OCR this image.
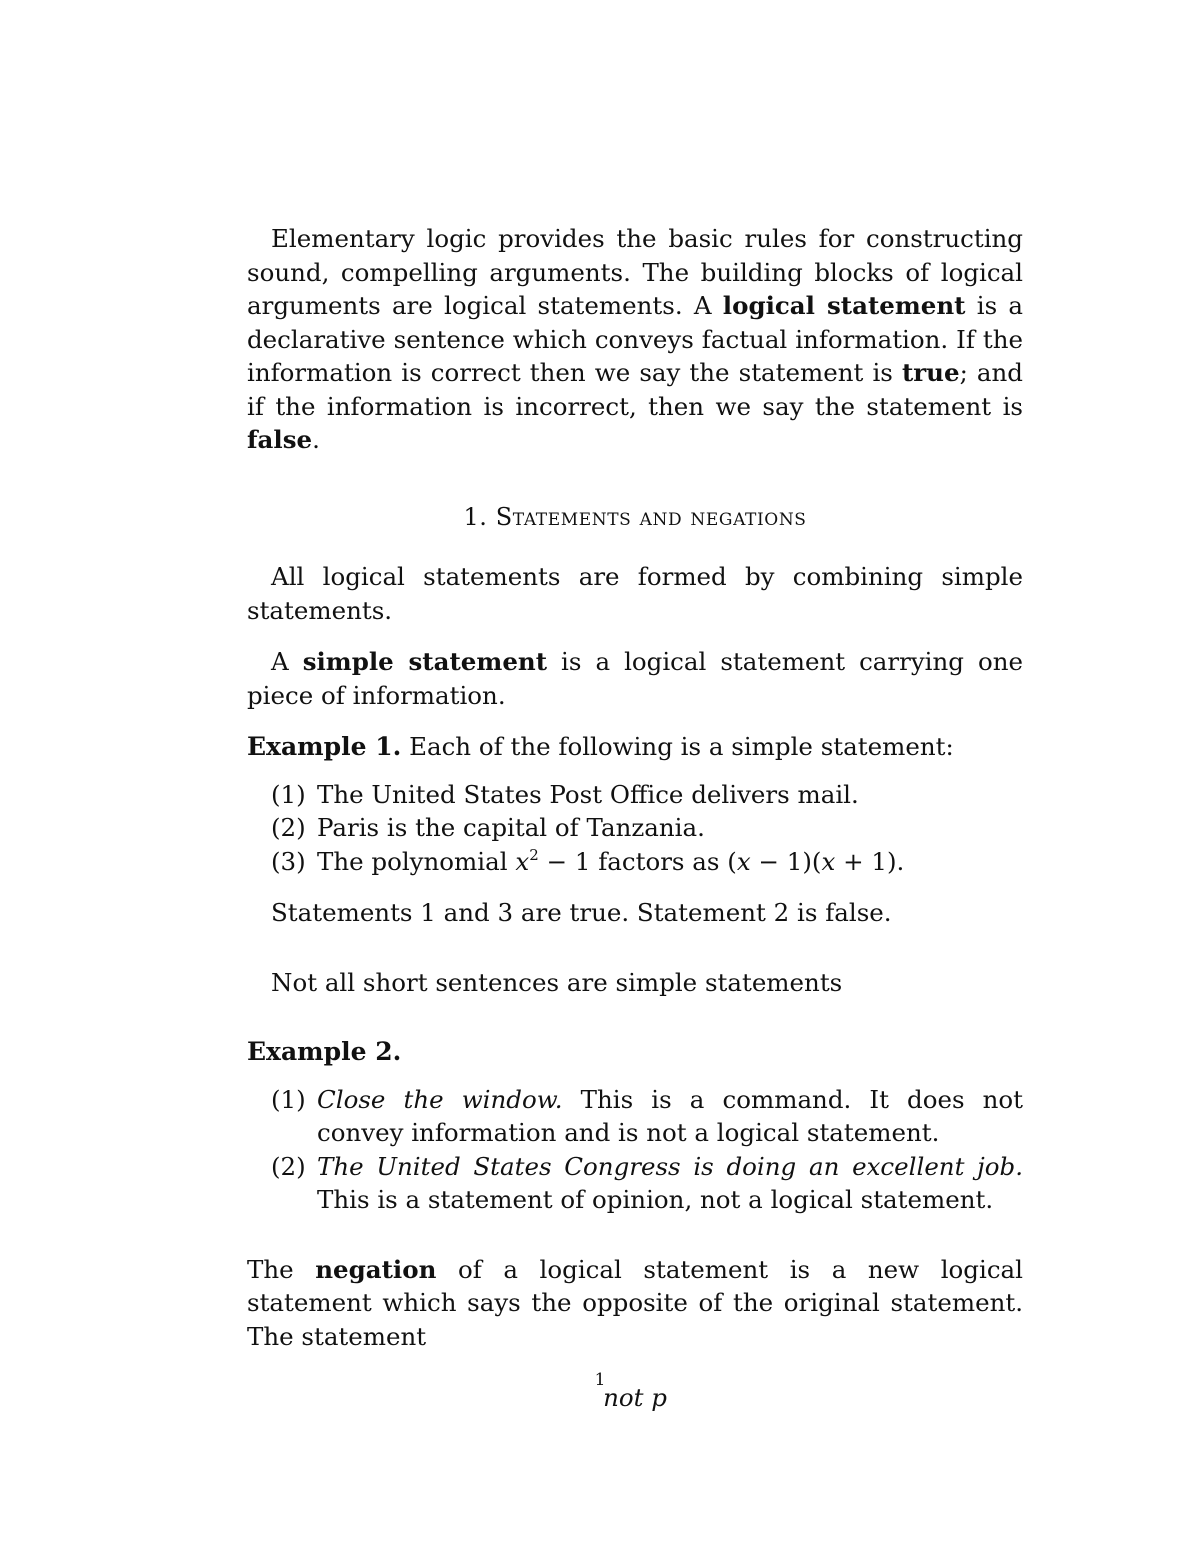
Elementary logic provides the basic rules for constructing sound, compelling arguments. The building blocks of logical arguments are logical statements. A logical statement is a declarative sentence which conveys factual information. If the information is correct then we say the statement is true; and if the information is incorrect, then we say the statement is false.

1. Statements and negations

All logical statements are formed by combining simple statements.

A simple statement is a logical statement carrying one piece of information.

Example 1. Each of the following is a simple statement:

(1) The United States Post Office delivers mail.

(2) Paris is the capital of Tanzania.

(3) The polynomial $x^2 - 1$ factors as (x − 1)(x + 1).

Statements 1 and 3 are true. Statement 2 is false.

Not all short sentences are simple statements

Example 2.

(1) Close the window. This is a command. It does not convey information and is not a logical statement.

(2) The United States Congress is doing an excellent job. This is a statement of opinion, not a logical statement.

The negation of a logical statement is a new logical statement which says the opposite of the original statement. The statement

not p

1
